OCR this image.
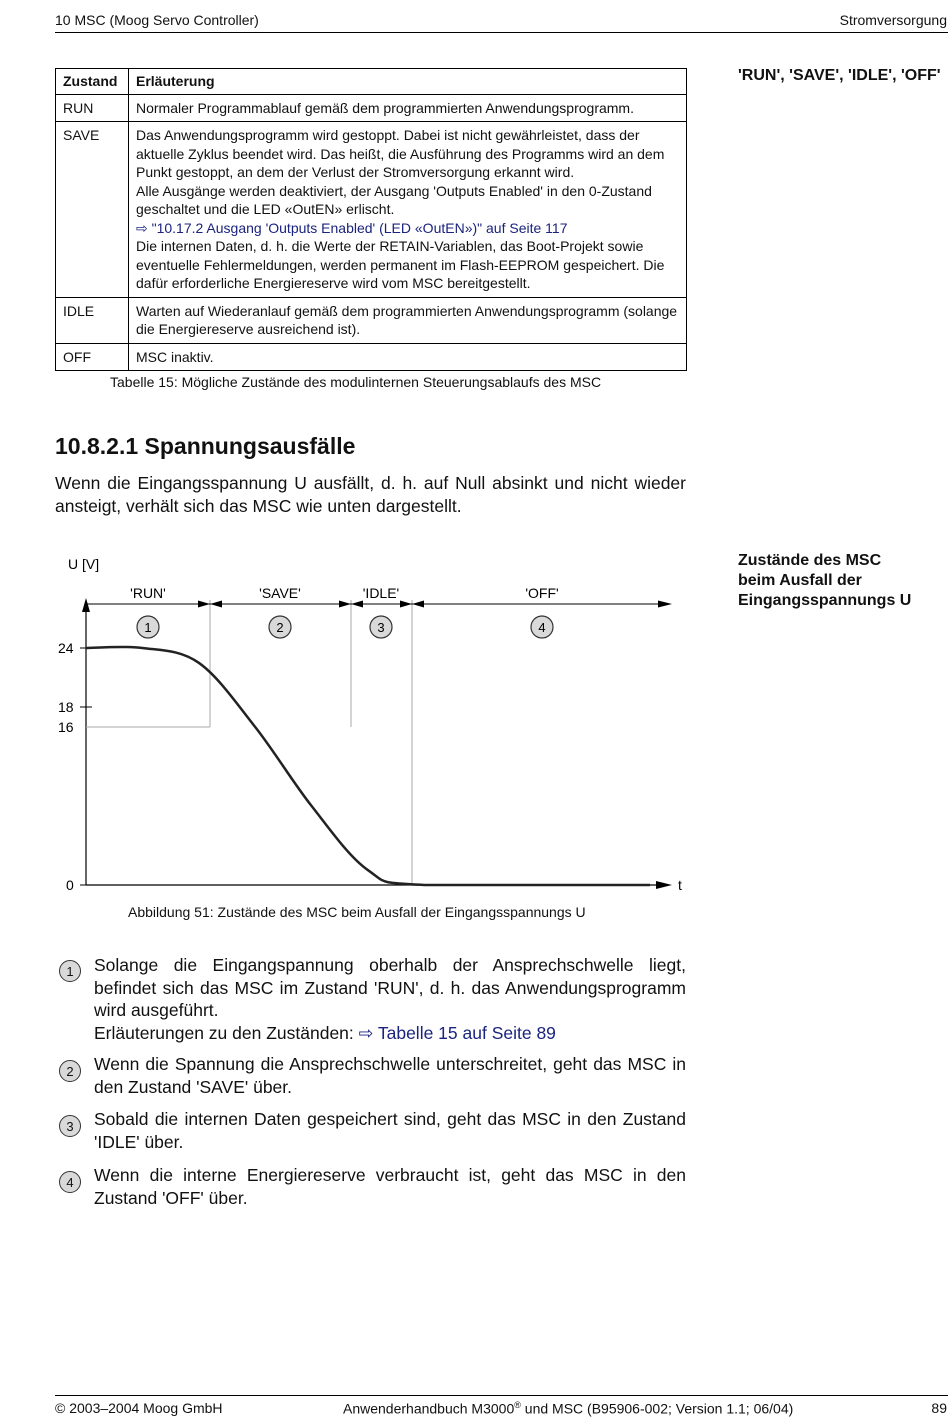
10 MSC (Moog Servo Controller)	Stromversorgung
Zustand	Erläuterung
RUN	Normaler Programmablauf gemäß dem programmierten Anwendungsprogramm.
SAVE	Das Anwendungsprogramm wird gestoppt. Dabei ist nicht gewährleistet, dass der aktuelle Zyklus beendet wird. Das heißt, die Ausführung des Programms wird an dem Punkt gestoppt, an dem der Verlust der Stromversorgung erkannt wird.
Alle Ausgänge werden deaktiviert, der Ausgang 'Outputs Enabled' in den 0-Zustand geschaltet und die LED «OutEN» erlischt.
⇨ "10.17.2 Ausgang 'Outputs Enabled' (LED «OutEN»)" auf Seite 117
Die internen Daten, d. h. die Werte der RETAIN-Variablen, das Boot-Projekt sowie eventuelle Fehlermeldungen, werden permanent im Flash-EEPROM gespeichert. Die dafür erforderliche Energiereserve wird vom MSC bereitgestellt.

IDLE	Warten auf Wiederanlauf gemäß dem programmierten Anwendungsprogramm (solange die Energiereserve ausreichend ist).
OFF	MSC inaktiv.
Tabelle 15: Mögliche Zustände des modulinternen Steuerungsablaufs des MSC
'RUN', 'SAVE', 'IDLE', 'OFF'
Zustände des MSC
beim Ausfall der
Eingangsspannungs U
10.8.2.1 Spannungsausfälle

Wenn die Eingangsspannung U ausfällt, d. h. auf Null absinkt und nicht wieder ansteigt, verhält sich das MSC wie unten dargestellt.

U [V]
t
24
18
16
0
'RUN'	'SAVE'	'IDLE'	'OFF'
1	2	3	4
Abbildung 51: Zustände des MSC beim Ausfall der Eingangsspannungs U
1	Solange die Eingangspannung oberhalb der Ansprechschwelle liegt, befindet sich das MSC im Zustand 'RUN', d. h. das Anwendungsprogramm wird ausgeführt.
Erläuterungen zu den Zuständen: ⇨ Tabelle 15 auf Seite 89
2	Wenn die Spannung die Ansprechschwelle unterschreitet, geht das MSC in den Zustand 'SAVE' über.

3	Sobald die internen Daten gespeichert sind, geht das MSC in den Zustand 'IDLE' über.

4	Wenn die interne Energiereserve verbraucht ist, geht das MSC in den Zustand 'OFF' über.

© 2003–2004 Moog GmbH	Anwenderhandbuch M3000® und MSC (B95906-002; Version 1.1; 06/04)	89
